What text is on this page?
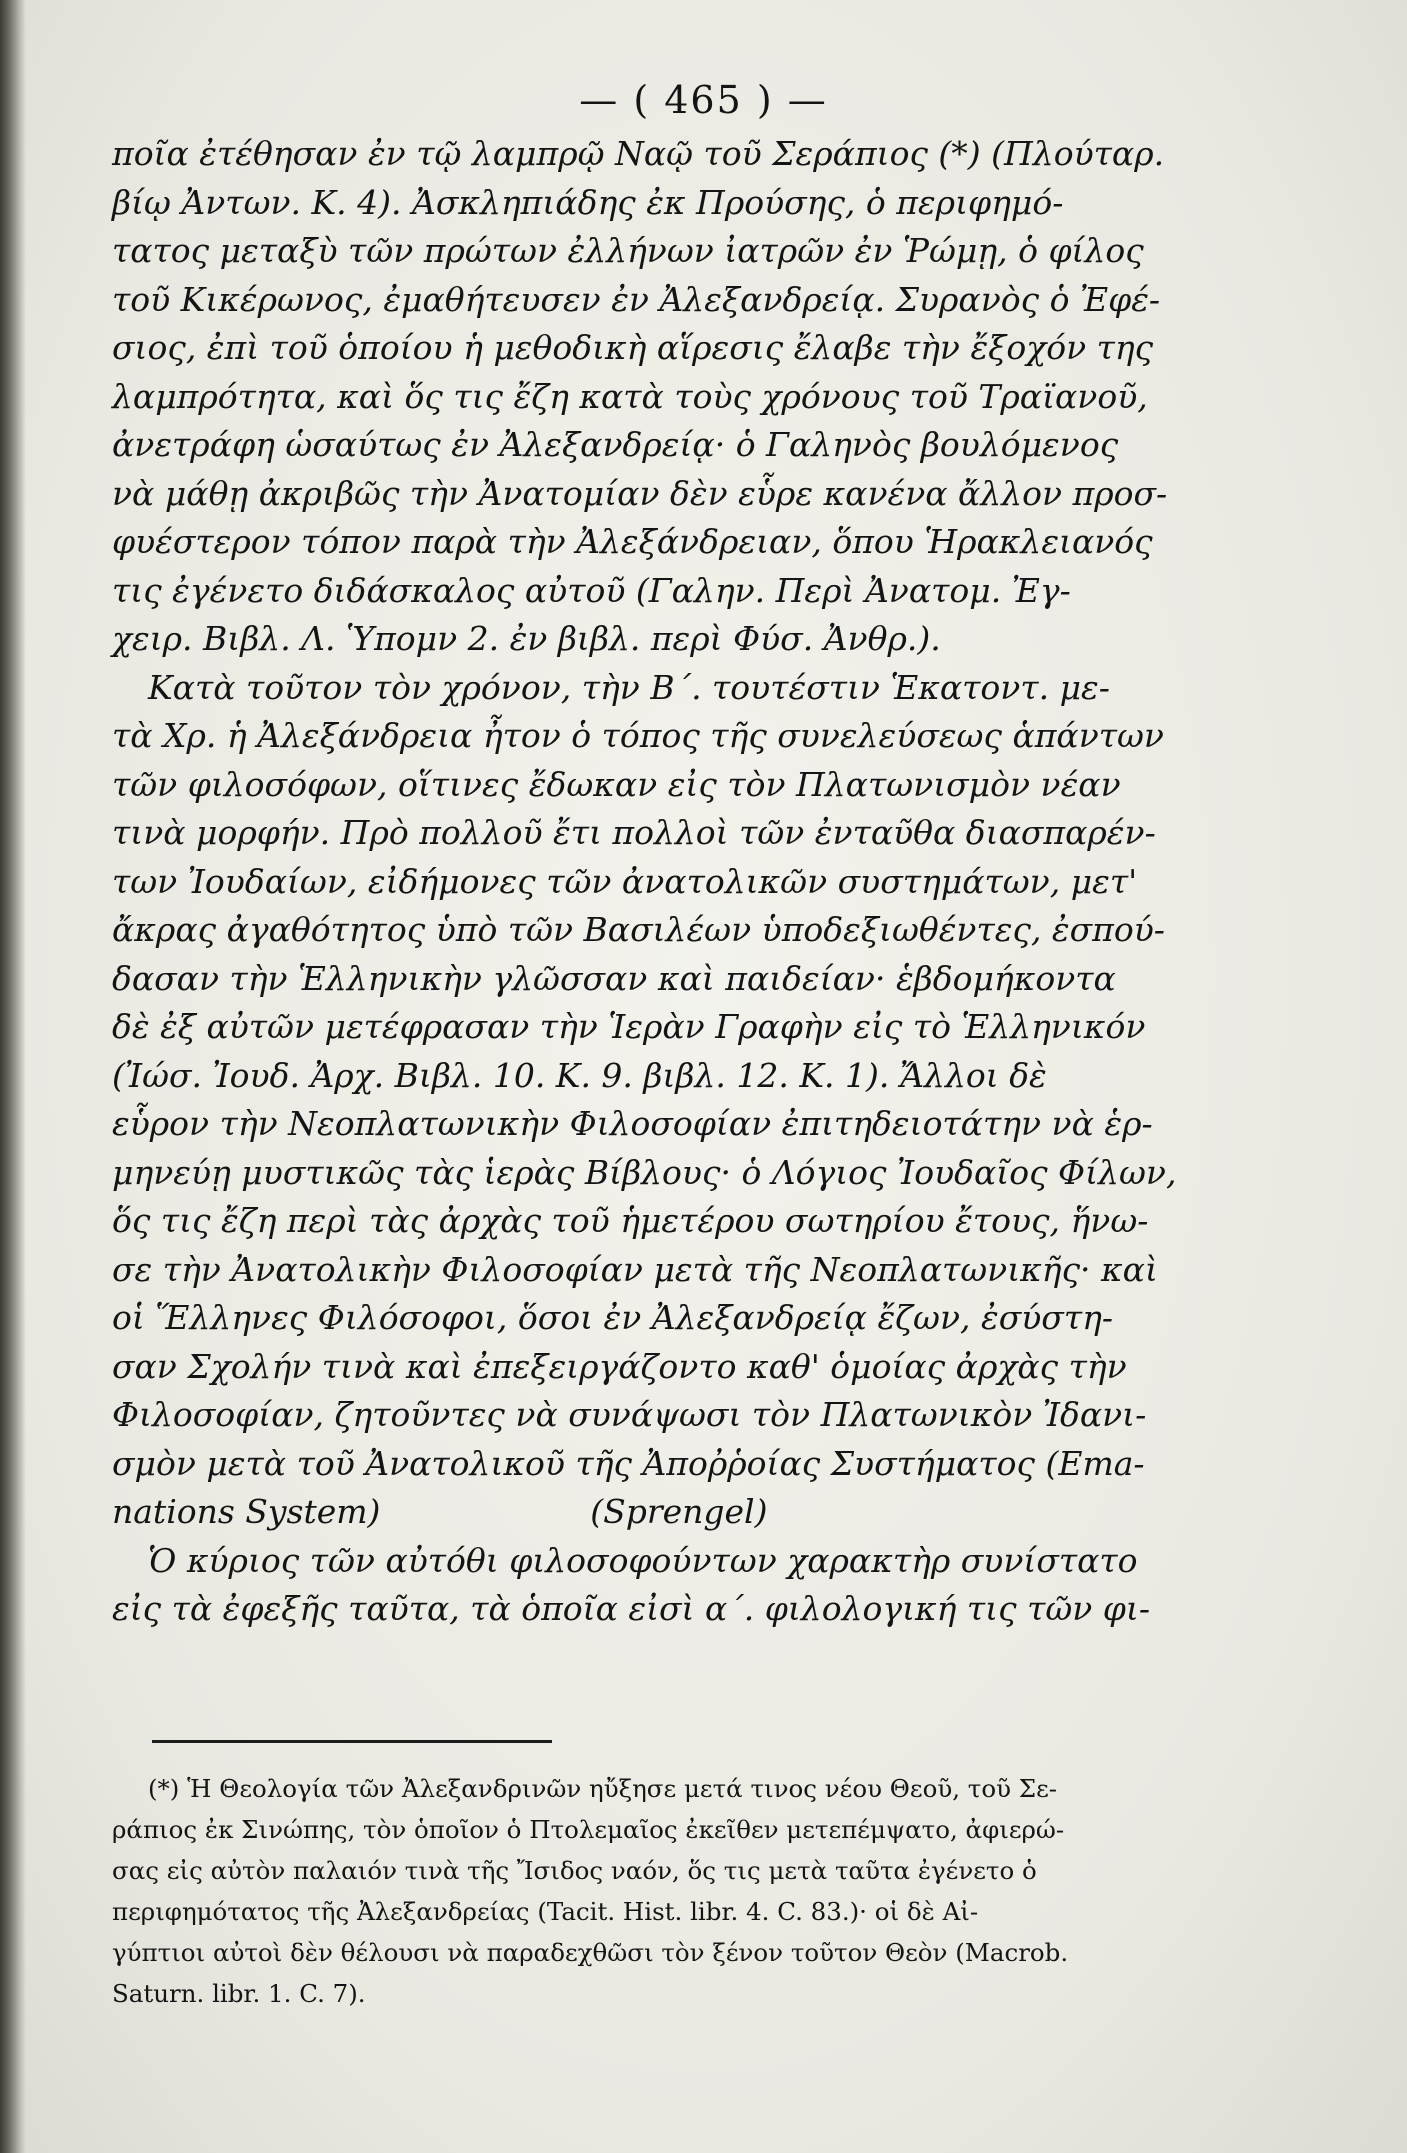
— ( 465 ) —
ποῖα ἐτέθησαν ἐν τῷ λαμπρῷ Ναῷ τοῦ Σεράπιος (*) (Πλούταρ.
βίῳ Ἀντων. Κ. 4). Ἀσκληπιάδης ἐκ Προύσης, ὁ περιφημό-
τατος μεταξὺ τῶν πρώτων ἐλλήνων ἰατρῶν ἐν Ῥώμῃ, ὁ φίλος
τοῦ Κικέρωνος, ἐμαθήτευσεν ἐν Ἀλεξανδρείᾳ. Συρανὸς ὁ Ἐφέ-
σιος, ἐπὶ τοῦ ὁποίου ἡ μεθοδικὴ αἵρεσις ἔλαβε τὴν ἔξοχόν της
λαμπρότητα, καὶ ὅς τις ἔζη κατὰ τοὺς χρόνους τοῦ Τραϊανοῦ,
ἀνετράφη ὡσαύτως ἐν Ἀλεξανδρείᾳ· ὁ Γαληνὸς βουλόμενος
νὰ μάθῃ ἀκριβῶς τὴν Ἀνατομίαν δὲν εὗρε κανένα ἄλλον προσ-
φυέστερον τόπον παρὰ τὴν Ἀλεξάνδρειαν, ὅπου Ἡρακλειανός
τις ἐγένετο διδάσκαλος αὐτοῦ (Γαλην. Περὶ Ἀνατομ. Ἐγ-
χειρ. Βιβλ. Λ. Ὑπομν 2. ἐν βιβλ. περὶ Φύσ. Ἀνθρ.).
Κατὰ τοῦτον τὸν χρόνον, τὴν Β΄. τουτέστιν Ἑκατοντ. με-
τὰ Χρ. ἡ Ἀλεξάνδρεια ἦτον ὁ τόπος τῆς συνελεύσεως ἁπάντων
τῶν φιλοσόφων, οἵτινες ἔδωκαν εἰς τὸν Πλατωνισμὸν νέαν
τινὰ μορφήν. Πρὸ πολλοῦ ἔτι πολλοὶ τῶν ἐνταῦθα διασπαρέν-
των Ἰουδαίων, εἰδήμονες τῶν ἀνατολικῶν συστημάτων, μετ'
ἄκρας ἀγαθότητος ὑπὸ τῶν Βασιλέων ὑποδεξιωθέντες, ἐσπού-
δασαν τὴν Ἑλληνικὴν γλῶσσαν καὶ παιδείαν· ἑβδομήκοντα
δὲ ἐξ αὐτῶν μετέφρασαν τὴν Ἱερὰν Γραφὴν εἰς τὸ Ἑλληνικόν
(Ἰώσ. Ἰουδ. Ἀρχ. Βιβλ. 10. Κ. 9. βιβλ. 12. Κ. 1). Ἄλλοι δὲ
εὗρον τὴν Νεοπλατωνικὴν Φιλοσοφίαν ἐπιτηδειοτάτην νὰ ἑρ-
μηνεύῃ μυστικῶς τὰς ἱερὰς Βίβλους· ὁ Λόγιος Ἰουδαῖος Φίλων,
ὅς τις ἔζη περὶ τὰς ἀρχὰς τοῦ ἡμετέρου σωτηρίου ἔτους, ἥνω-
σε τὴν Ἀνατολικὴν Φιλοσοφίαν μετὰ τῆς Νεοπλατωνικῆς· καὶ
οἱ Ἕλληνες Φιλόσοφοι, ὅσοι ἐν Ἀλεξανδρείᾳ ἔζων, ἐσύστη-
σαν Σχολήν τινὰ καὶ ἐπεξειργάζοντο καθ' ὁμοίας ἀρχὰς τὴν
Φιλοσοφίαν, ζητοῦντες νὰ συνάψωσι τὸν Πλατωνικὸν Ἰδανι-
σμὸν μετὰ τοῦ Ἀνατολικοῦ τῆς Ἀποῤῥοίας Συστήματος (Ema-
nations System)                    (Sprengel)
Ὁ κύριος τῶν αὐτόθι φιλοσοφούντων χαρακτὴρ συνίστατο
εἰς τὰ ἐφεξῆς ταῦτα, τὰ ὁποῖα εἰσὶ α΄. φιλολογική τις τῶν φι-
(*) Ἡ Θεολογία τῶν Ἀλεξανδρινῶν ηὔξησε μετά τινος νέου Θεοῦ, τοῦ Σε-
ράπιος ἐκ Σινώπης, τὸν ὁποῖον ὁ Πτολεμαῖος ἐκεῖθεν μετεπέμψατο, ἀφιερώ-
σας εἰς αὐτὸν παλαιόν τινὰ τῆς Ἴσιδος ναόν, ὅς τις μετὰ ταῦτα ἐγένετο ὁ
περιφημότατος τῆς Ἀλεξανδρείας (Tacit. Hist. libr. 4. C. 83.)· οἱ δὲ Αἰ-
γύπτιοι αὐτοὶ δὲν θέλουσι νὰ παραδεχθῶσι τὸν ξένον τοῦτον Θεὸν (Macrob.
Saturn. libr. 1. C. 7).
